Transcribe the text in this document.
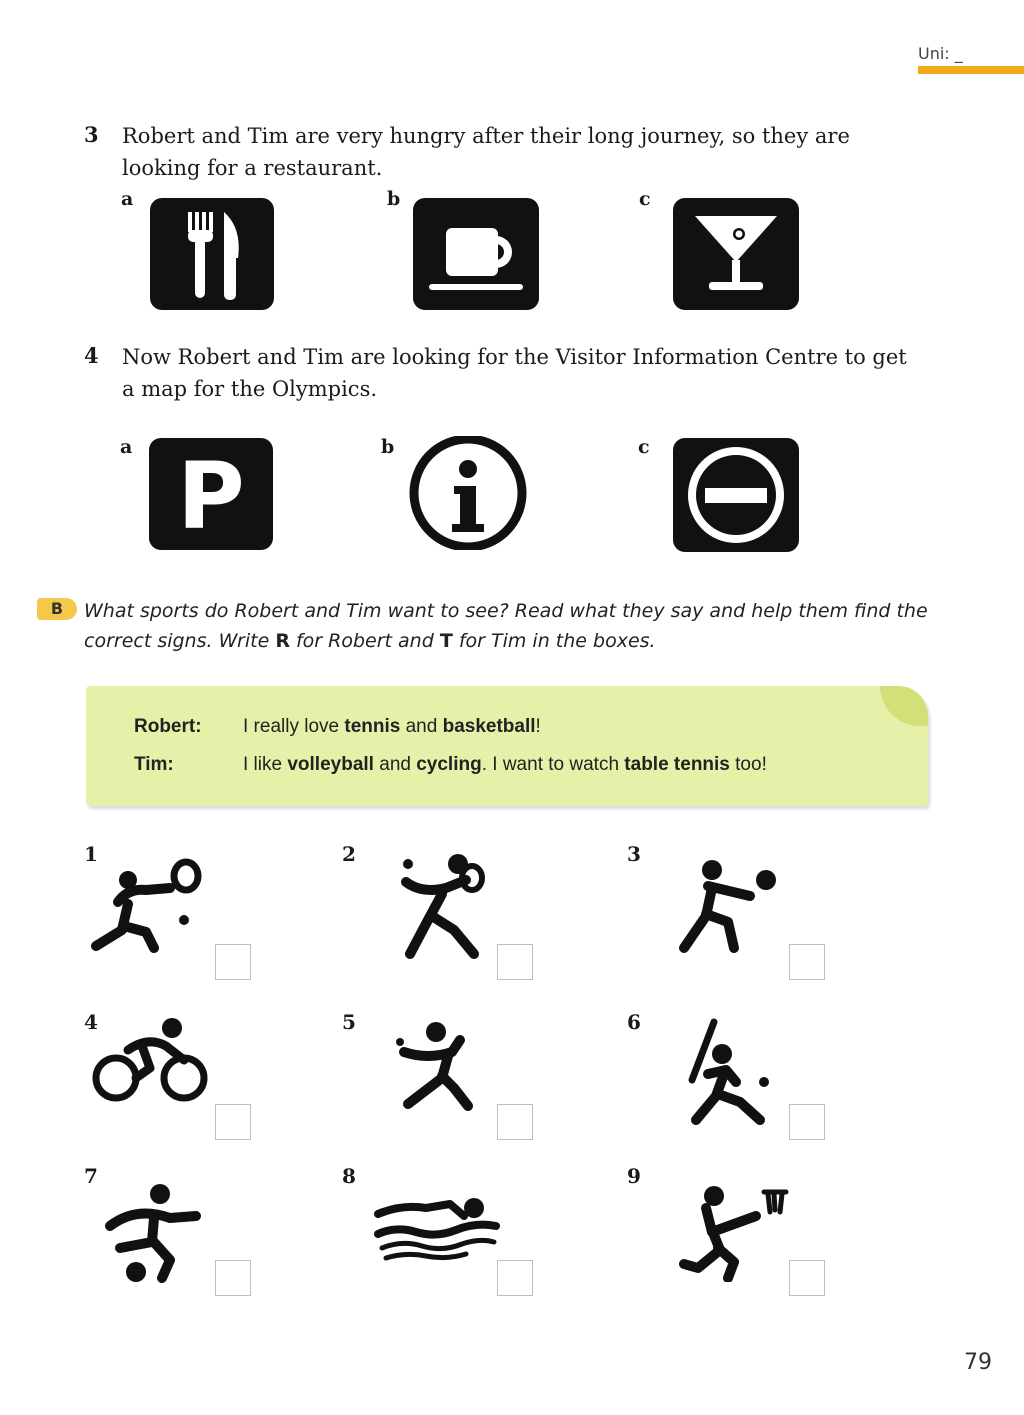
Uni: _
3 Robert and Tim are very hungry after their long journey, so they are looking for a restaurant.
a	b	c
4 Now Robert and Tim are looking for the Visitor Information Centre to get a map for the Olympics.
a P	b	c
B	What sports do Robert and Tim want to see? Read what they say and help them find the correct signs. Write R for Robert and T for Tim in the boxes.
Robert: I really love tennis and basketball!
Tim:	I like volleyball and cycling. I want to watch table tennis too!
1	2	3
4	5	6
7	8	9
79
